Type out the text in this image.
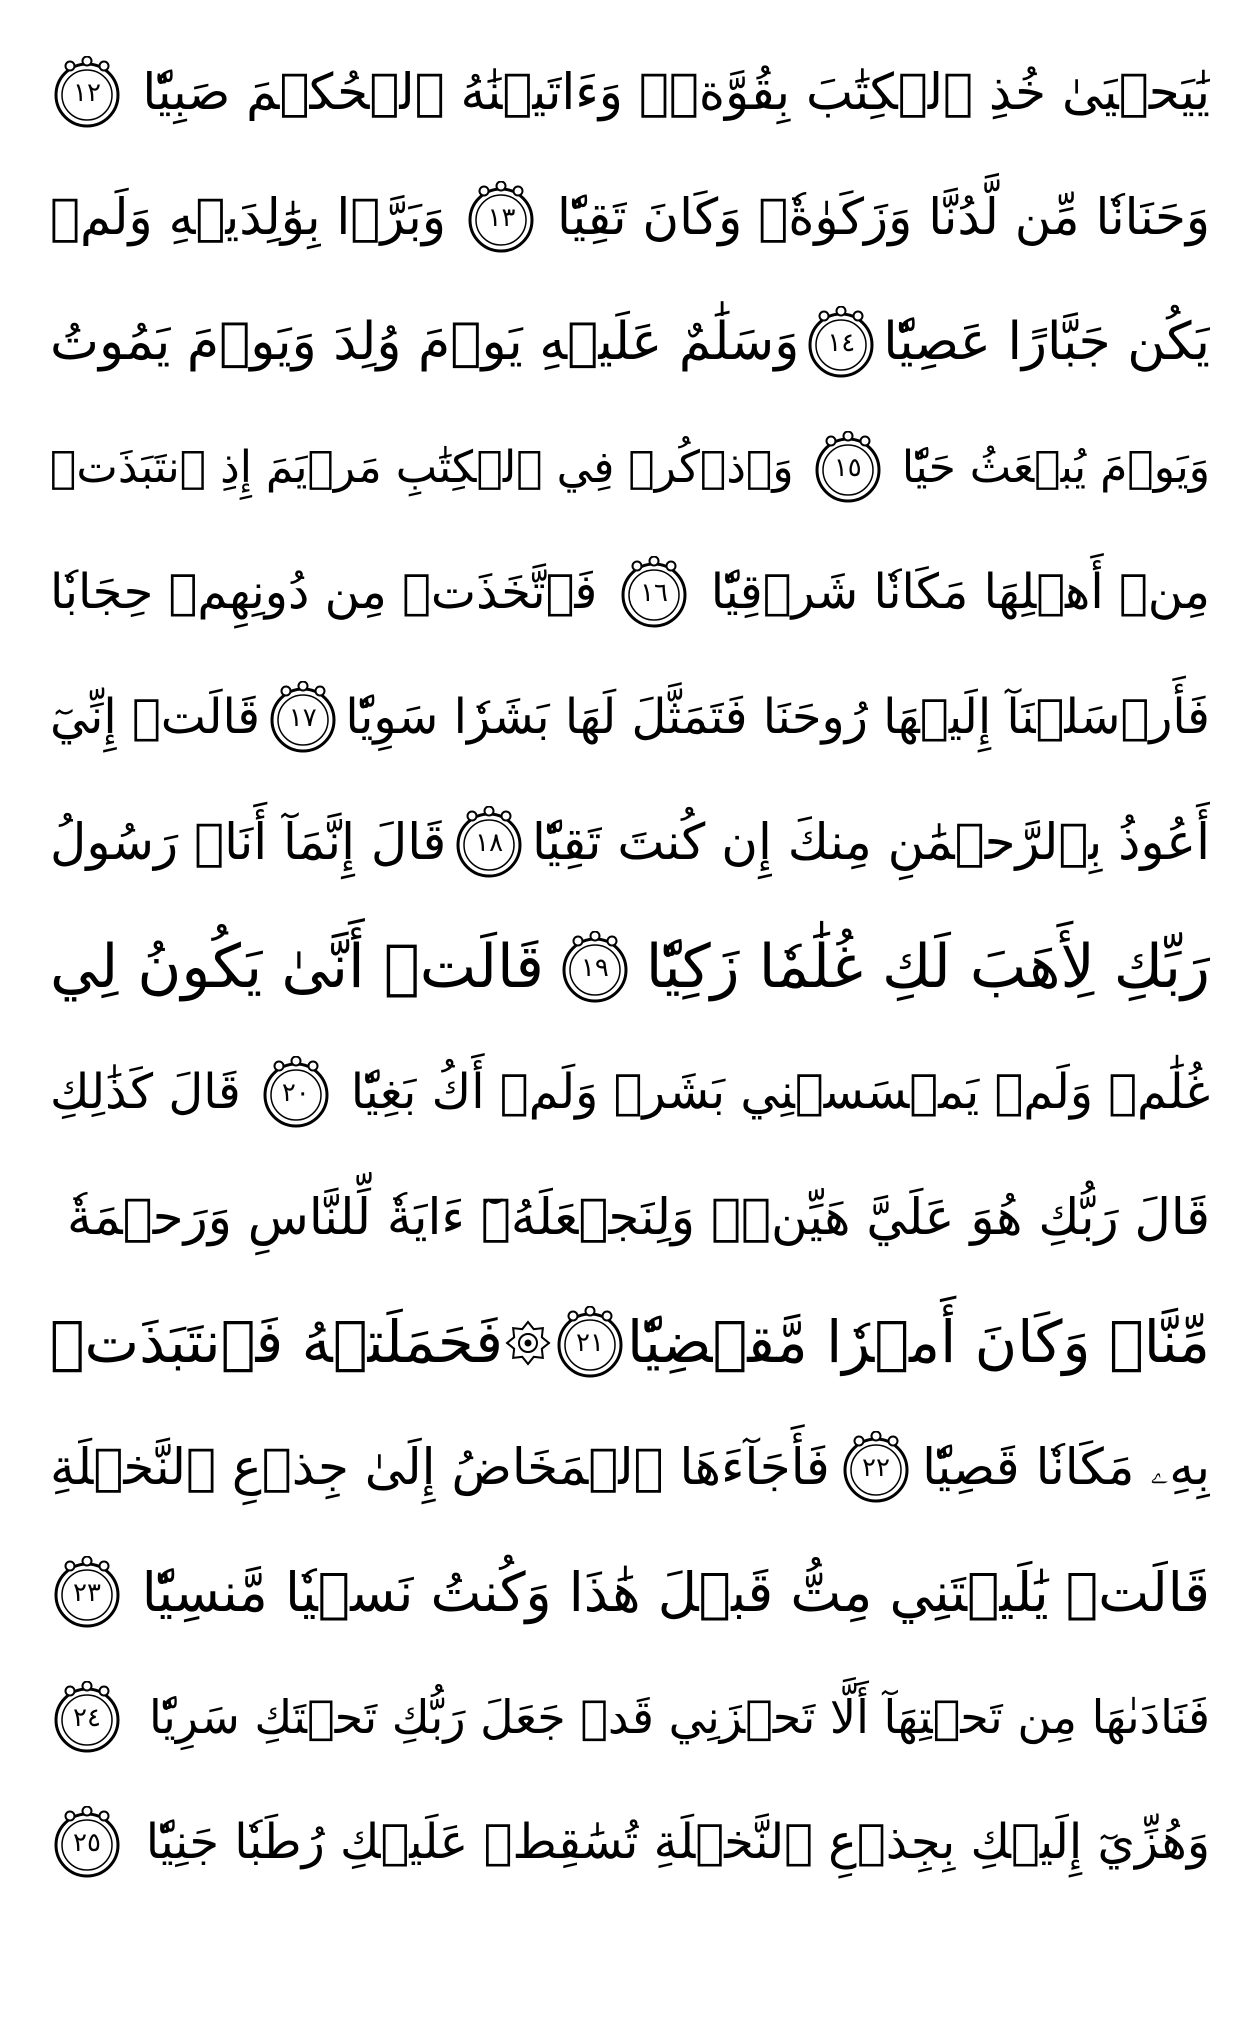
يَٰيَحۡيَىٰ خُذِ ٱلۡكِتَٰبَ بِقُوَّةٖۖ وَءَاتَيۡنَٰهُ ٱلۡحُكۡمَ صَبِيّٗا
١٢
وَحَنَانٗا مِّن لَّدُنَّا وَزَكَوٰةٗۖ وَكَانَ تَقِيّٗا
١٣
وَبَرَّۢا بِوَٰلِدَيۡهِ وَلَمۡ
يَكُن جَبَّارًا عَصِيّٗا
١٤
وَسَلَٰمٌ عَلَيۡهِ يَوۡمَ وُلِدَ وَيَوۡمَ يَمُوتُ
وَيَوۡمَ يُبۡعَثُ حَيّٗا
١٥
وَٱذۡكُرۡ فِي ٱلۡكِتَٰبِ مَرۡيَمَ إِذِ ٱنتَبَذَتۡ
مِنۡ أَهۡلِهَا مَكَانٗا شَرۡقِيّٗا
١٦
فَٱتَّخَذَتۡ مِن دُونِهِمۡ حِجَابٗا
فَأَرۡسَلۡنَآ إِلَيۡهَا رُوحَنَا فَتَمَثَّلَ لَهَا بَشَرٗا سَوِيّٗا
١٧
قَالَتۡ إِنِّيٓ
أَعُوذُ بِٱلرَّحۡمَٰنِ مِنكَ إِن كُنتَ تَقِيّٗا
١٨
قَالَ إِنَّمَآ أَنَا۠ رَسُولُ
رَبِّكِ لِأَهَبَ لَكِ غُلَٰمٗا زَكِيّٗا
١٩
قَالَتۡ أَنَّىٰ يَكُونُ لِي
غُلَٰمٞ وَلَمۡ يَمۡسَسۡنِي بَشَرٞ وَلَمۡ أَكُ بَغِيّٗا
٢٠
قَالَ كَذَٰلِكِ
قَالَ رَبُّكِ هُوَ عَلَيَّ هَيِّنٞۖ وَلِنَجۡعَلَهُۥٓ ءَايَةٗ لِّلنَّاسِ وَرَحۡمَةٗ
مِّنَّاۚ وَكَانَ أَمۡرٗا مَّقۡضِيّٗا
٢١
فَحَمَلَتۡهُ فَٱنتَبَذَتۡ
بِهِۦ مَكَانٗا قَصِيّٗا
٢٢
فَأَجَآءَهَا ٱلۡمَخَاضُ إِلَىٰ جِذۡعِ ٱلنَّخۡلَةِ
قَالَتۡ يَٰلَيۡتَنِي مِتُّ قَبۡلَ هَٰذَا وَكُنتُ نَسۡيٗا مَّنسِيّٗا
٢٣
فَنَادَىٰهَا مِن تَحۡتِهَآ أَلَّا تَحۡزَنِي قَدۡ جَعَلَ رَبُّكِ تَحۡتَكِ سَرِيّٗا
٢٤
وَهُزِّيٓ إِلَيۡكِ بِجِذۡعِ ٱلنَّخۡلَةِ تُسَٰقِطۡ عَلَيۡكِ رُطَبٗا جَنِيّٗا
٢٥
